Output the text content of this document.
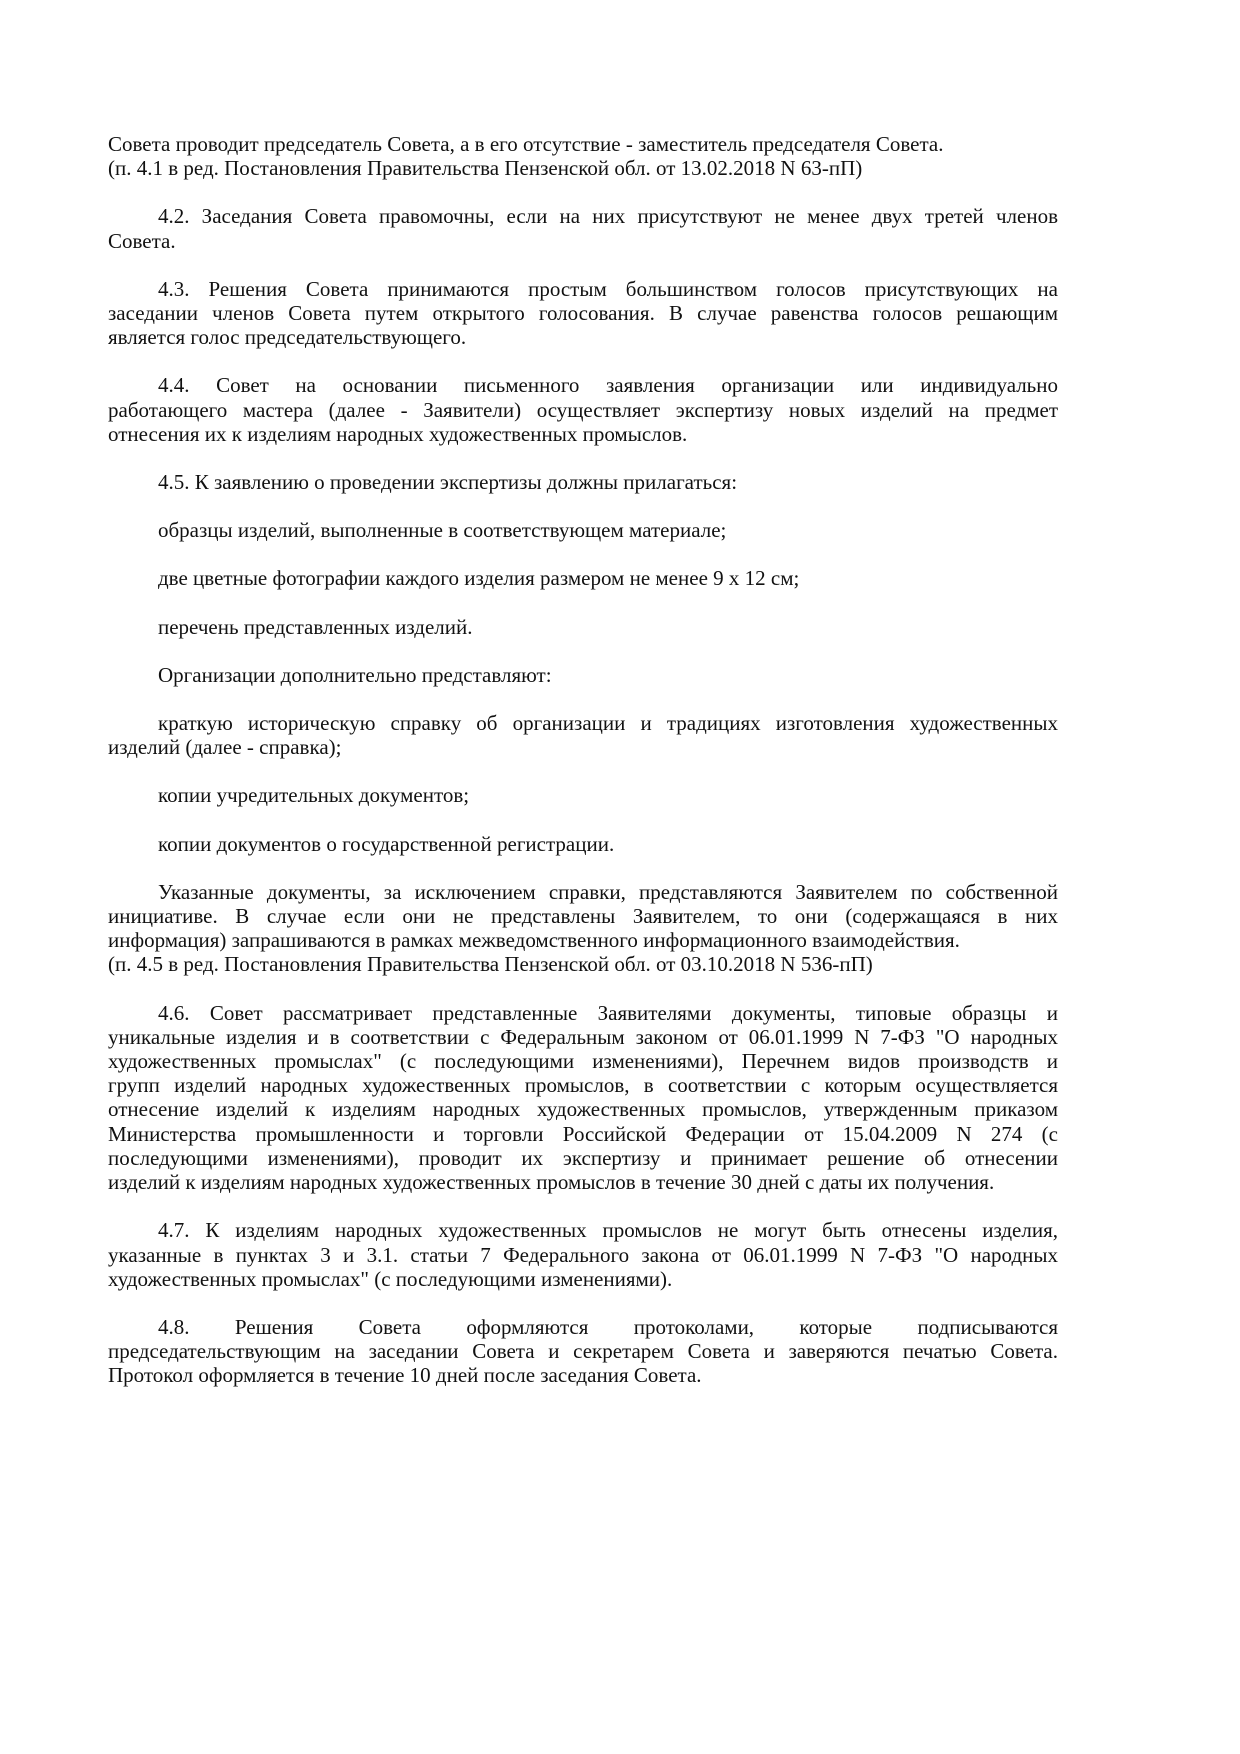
Совета проводит председатель Совета, а в его отсутствие - заместитель председателя Совета.
(п. 4.1 в ред. Постановления Правительства Пензенской обл. от 13.02.2018 N 63-пП)
4.2. Заседания Совета правомочны, если на них присутствуют не менее двух третей членов
Совета.
4.3. Решения Совета принимаются простым большинством голосов присутствующих на
заседании членов Совета путем открытого голосования. В случае равенства голосов решающим
является голос председательствующего.
4.4. Совет на основании письменного заявления организации или индивидуально
работающего мастера (далее - Заявители) осуществляет экспертизу новых изделий на предмет
отнесения их к изделиям народных художественных промыслов.
4.5. К заявлению о проведении экспертизы должны прилагаться:
образцы изделий, выполненные в соответствующем материале;
две цветные фотографии каждого изделия размером не менее 9 x 12 см;
перечень представленных изделий.
Организации дополнительно представляют:
краткую историческую справку об организации и традициях изготовления художественных
изделий (далее - справка);
копии учредительных документов;
копии документов о государственной регистрации.
Указанные документы, за исключением справки, представляются Заявителем по собственной
инициативе. В случае если они не представлены Заявителем, то они (содержащаяся в них
информация) запрашиваются в рамках межведомственного информационного взаимодействия.
(п. 4.5 в ред. Постановления Правительства Пензенской обл. от 03.10.2018 N 536-пП)
4.6. Совет рассматривает представленные Заявителями документы, типовые образцы и
уникальные изделия и в соответствии с Федеральным законом от 06.01.1999 N 7-ФЗ "О народных
художественных промыслах" (с последующими изменениями), Перечнем видов производств и
групп изделий народных художественных промыслов, в соответствии с которым осуществляется
отнесение изделий к изделиям народных художественных промыслов, утвержденным приказом
Министерства промышленности и торговли Российской Федерации от 15.04.2009 N 274 (с
последующими изменениями), проводит их экспертизу и принимает решение об отнесении
изделий к изделиям народных художественных промыслов в течение 30 дней с даты их получения.
4.7. К изделиям народных художественных промыслов не могут быть отнесены изделия,
указанные в пунктах 3 и 3.1. статьи 7 Федерального закона от 06.01.1999 N 7-ФЗ "О народных
художественных промыслах" (с последующими изменениями).
4.8. Решения Совета оформляются протоколами, которые подписываются
председательствующим на заседании Совета и секретарем Совета и заверяются печатью Совета.
Протокол оформляется в течение 10 дней после заседания Совета.
